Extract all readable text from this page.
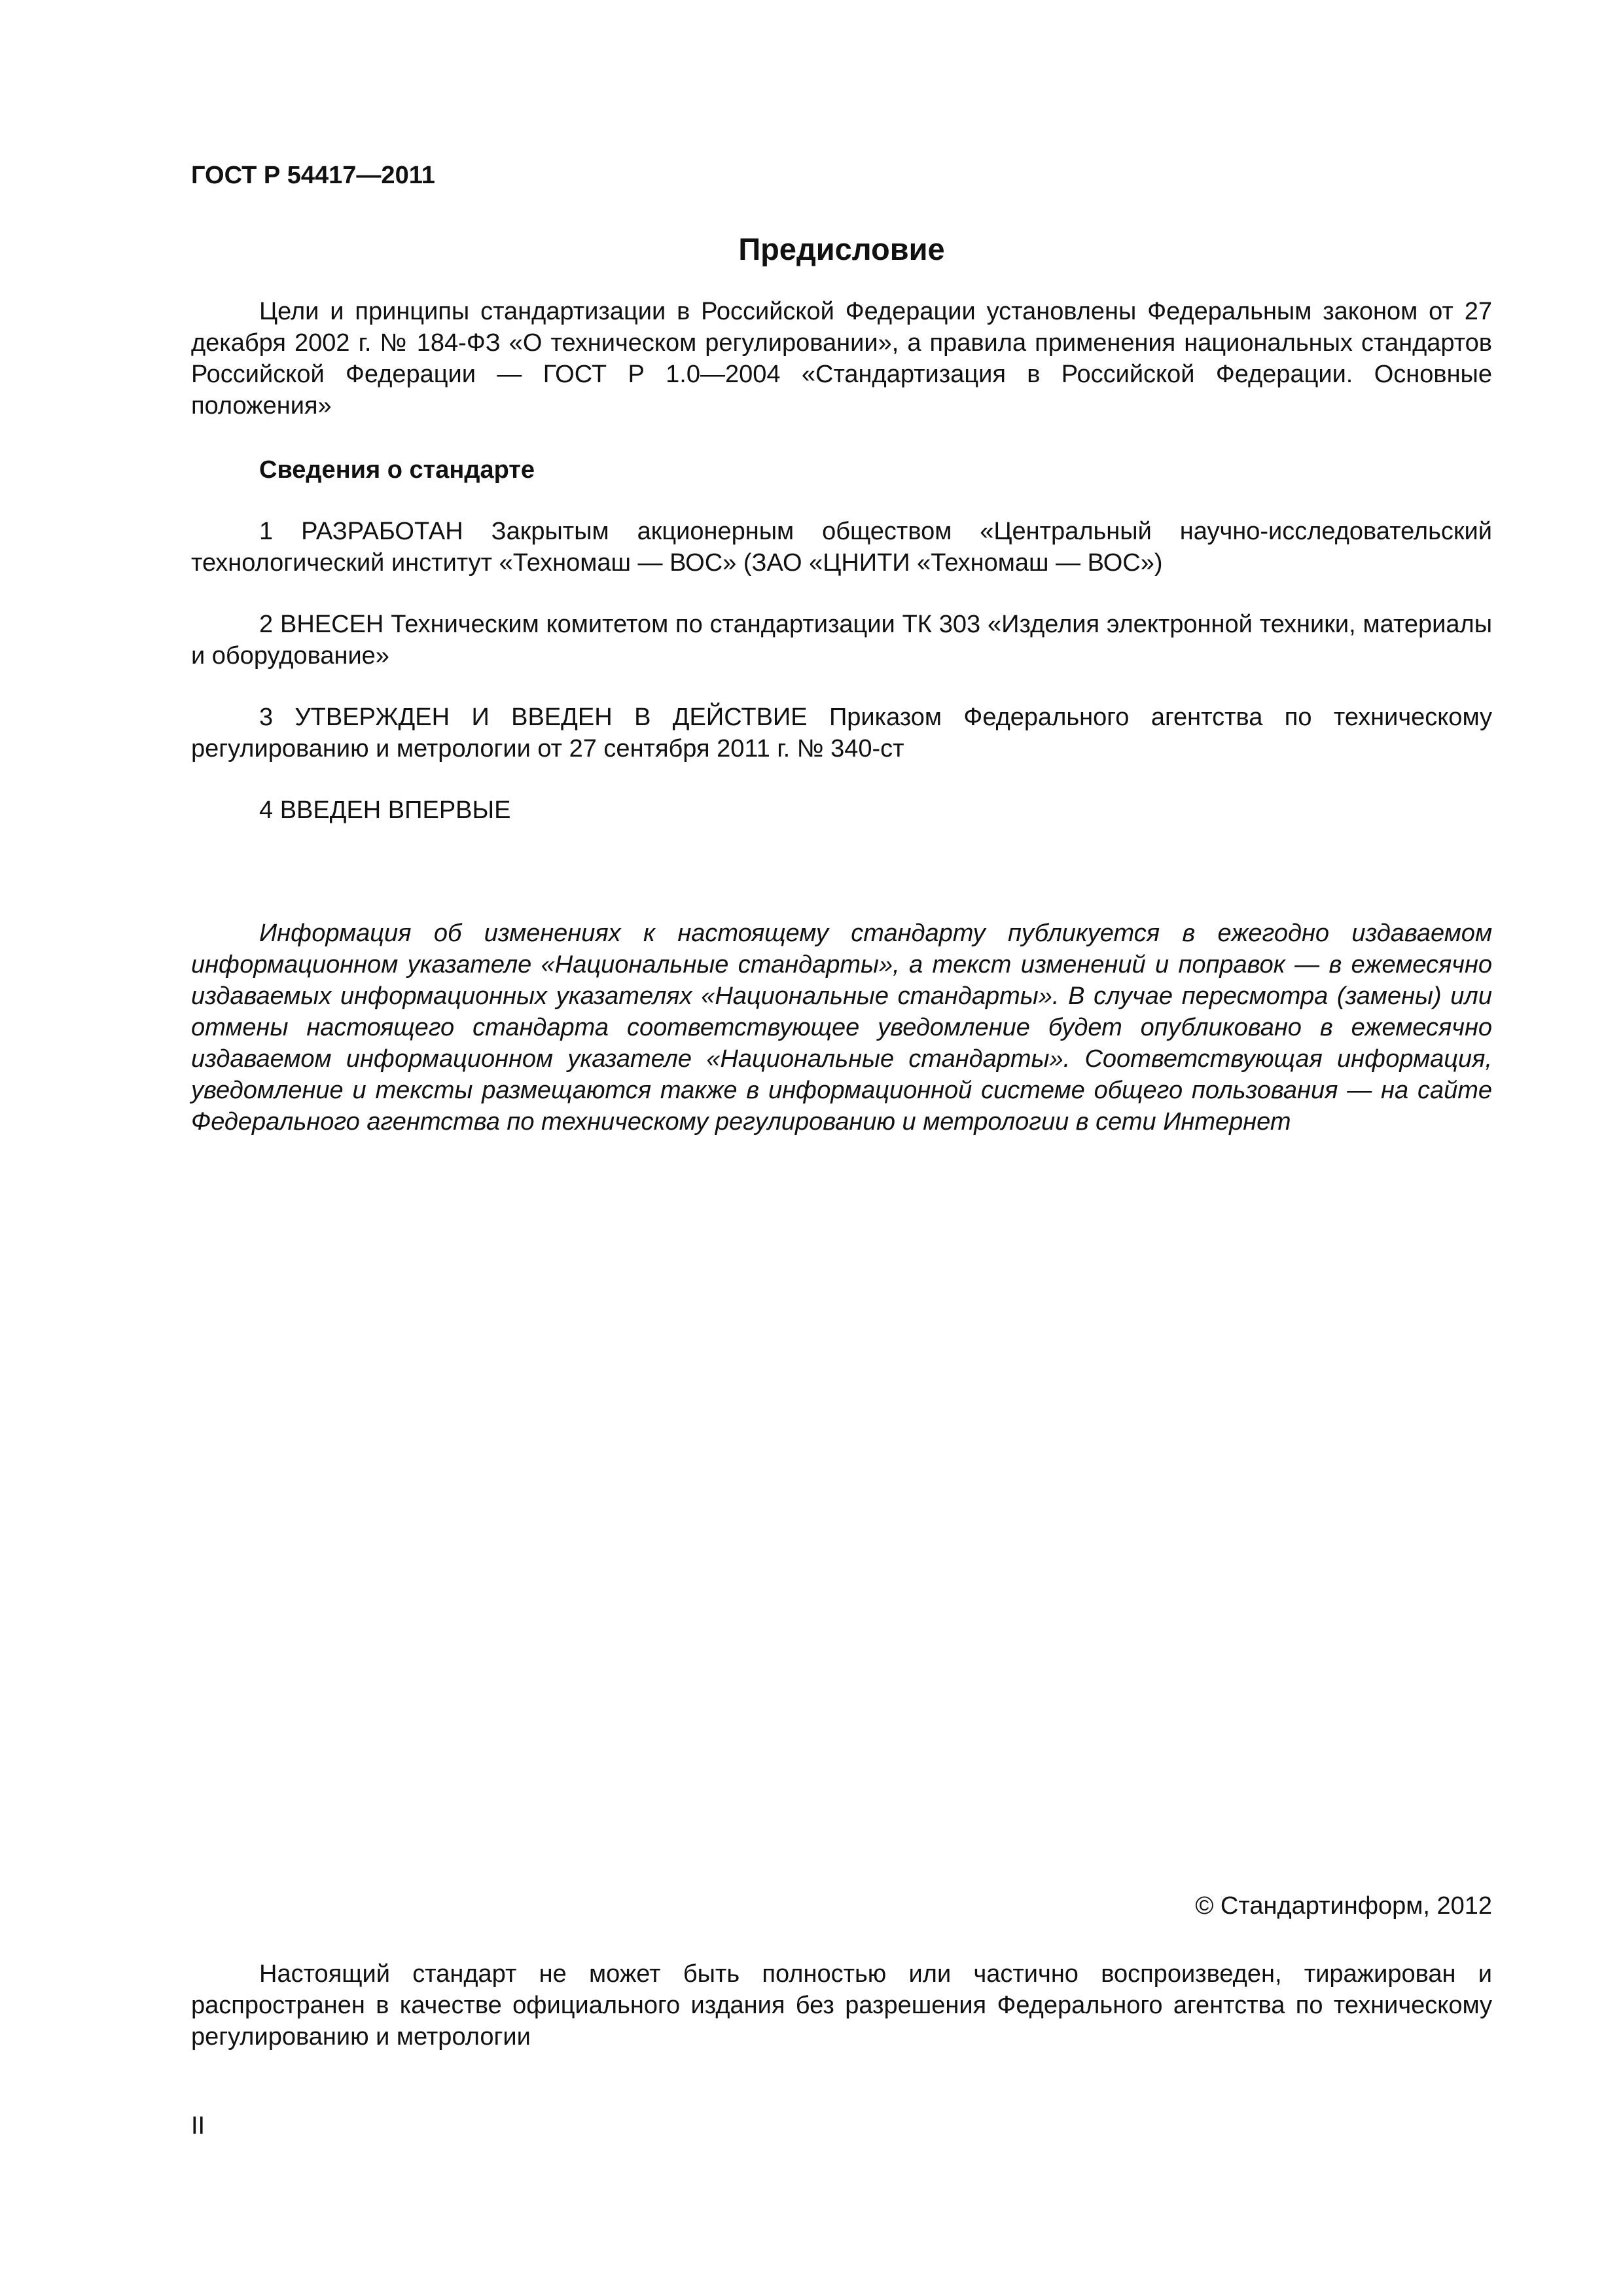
ГОСТ Р 54417—2011

Предисловие

Цели и принципы стандартизации в Российской Федерации установлены Федеральным законом от 27 декабря 2002 г. № 184-ФЗ «О техническом регулировании», а правила применения национальных стандартов Российской Федерации — ГОСТ Р 1.0—2004 «Стандартизация в Российской Федерации. Основные положения»

Сведения о стандарте

1 РАЗРАБОТАН Закрытым акционерным обществом «Центральный научно-исследовательский технологический институт «Техномаш — ВОС» (ЗАО «ЦНИТИ «Техномаш — ВОС»)

2 ВНЕСЕН Техническим комитетом по стандартизации ТК 303 «Изделия электронной техники, материалы и оборудование»

3 УТВЕРЖДЕН И ВВЕДЕН В ДЕЙСТВИЕ Приказом Федерального агентства по техническому регулированию и метрологии от 27 сентября 2011 г. № 340-ст

4 ВВЕДЕН ВПЕРВЫЕ

Информация об изменениях к настоящему стандарту публикуется в ежегодно издаваемом информационном указателе «Национальные стандарты», а текст изменений и поправок — в ежемесячно издаваемых информационных указателях «Национальные стандарты». В случае пересмотра (замены) или отмены настоящего стандарта соответствующее уведомление будет опубликовано в ежемесячно издаваемом информационном указателе «Национальные стандарты». Соответствующая информация, уведомление и тексты размещаются также в информационной системе общего пользования — на сайте Федерального агентства по техническому регулированию и метрологии в сети Интернет

© Стандартинформ, 2012

Настоящий стандарт не может быть полностью или частично воспроизведен, тиражирован и распространен в качестве официального издания без разрешения Федерального агентства по техническому регулированию и метрологии

II
